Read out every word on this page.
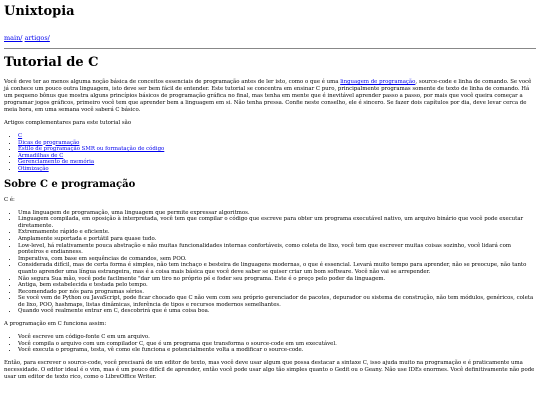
Unixtopia
main/ artigos/
Tutorial de C

Você deve ter ao menos alguma noção básica de conceitos essenciais de programação antes de ler isto, como o que é uma linguagem de programação, source-code e linha de comando. Se você já conhece um pouco outra linguagem, isto deve ser bem fácil de entender. Este tutorial se concentra em ensinar C puro, principalmente programas somente de texto de linha de comando. Há um pequeno bônus que mostra alguns princípios básicos de programação gráfica no final, mas tenha em mente que é inevitável aprender passo a passo, por mais que você queira começar a programar jogos gráficos, primeiro você tem que aprender bem a linguagem em si. Não tenha pressa. Confie neste conselho, ele é sincero. Se fazer dois capítulos por dia, deve levar cerca de meia hora, em uma semana você saberá C básico.

Artigos complementares para este tutorial são

• C
• Dicas de programação
• Estilo de programação SMR ou formatação de código
• Armadilhas de C
• Gerenciamento de memória
• Otimização
Sobre C e programação

C é:

• Uma linguagem de programação, uma linguagem que permite expressar algoritmos.
• Linguagem compilada, em oposição à interpretada, você tem que compilar o código que escreve para obter um programa executável nativo, um arquivo binário que você pode executar diretamente.
• Extremamente rápido e eficiente.
• Amplamente suportada e portátil para quase tudo.
• Low-level, há relativamente pouca abstração e não muitas funcionalidades internas confortáveis, como coleta de lixo, você tem que escrever muitas coisas sozinho, você lidará com ponteiros e endianness.
• Imperativa, com base em sequências de comandos, sem POO.
• Considerada difícil, mas de certa forma é simples, não tem inchaço e besteira de linguagens modernas, o que é essencial. Levará muito tempo para aprender, não se preocupe, não tanto quanto aprender uma língua estrangeira, mas é a coisa mais básica que você deve saber se quiser criar um bom software. Você não vai se arrepender.
• Não segura Sua mão, você pode facilmente "dar um tiro no próprio pé e foder seu programa. Este é o preço pelo poder da linguagem.
• Antiga, bem estabelecida e testada pelo tempo.
• Recomendado por nós para programas sérios.
• Se você vem de Python ou JavaScript, pode ficar chocado que C não vem com seu próprio gerenciador de pacotes, depurador ou sistema de construção, não tem módulos, genéricos, coleta de lixo, POO, hashmaps, listas dinâmicas, inferência de tipos e recursos modernos semelhantes.
• Quando você realmente entrar em C, descobrirá que é uma coisa boa.

A programação em C funciona assim:

• Você escreve um código-fonte C em um arquivo.
• Você compila o arquivo com um compilador C, que é um programa que transforma o source-code em um executável.
• Você executa o programa, testa, vê como ele funciona e potencialmente volta a modificar o source-code.

Então, para escrever o source-code, você precisará de um editor de texto, mas você deve usar algum que possa destacar a sintaxe C, isso ajuda muito na programação e é praticamente uma necessidade. O editor ideal é o vim, mas é um pouco difícil de aprender, então você pode usar algo tão simples quanto o Gedit ou o Geany. Não use IDEs enormes. Você definitivamente não pode usar um editor de texto rico, como o LibreOffice Writer.
